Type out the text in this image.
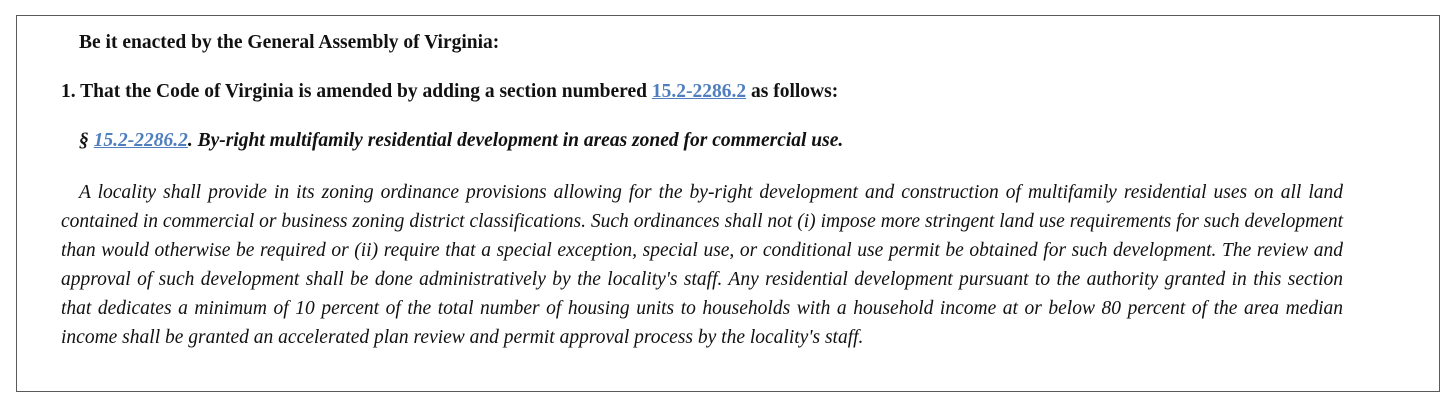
Be it enacted by the General Assembly of Virginia:
1. That the Code of Virginia is amended by adding a section numbered 15.2-2286.2 as follows:
§ 15.2-2286.2. By-right multifamily residential development in areas zoned for commercial use.

A locality shall provide in its zoning ordinance provisions allowing for the by-right development and construction of multifamily residential uses on all land contained in commercial or business zoning district classifications. Such ordinances shall not (i) impose more stringent land use requirements for such development than would otherwise be required or (ii) require that a special exception, special use, or conditional use permit be obtained for such development. The review and approval of such development shall be done administratively by the locality's staff. Any residential development pursuant to the authority granted in this section that dedicates a minimum of 10 percent of the total number of housing units to households with a household income at or below 80 percent of the area median income shall be granted an accelerated plan review and permit approval process by the locality's staff.
